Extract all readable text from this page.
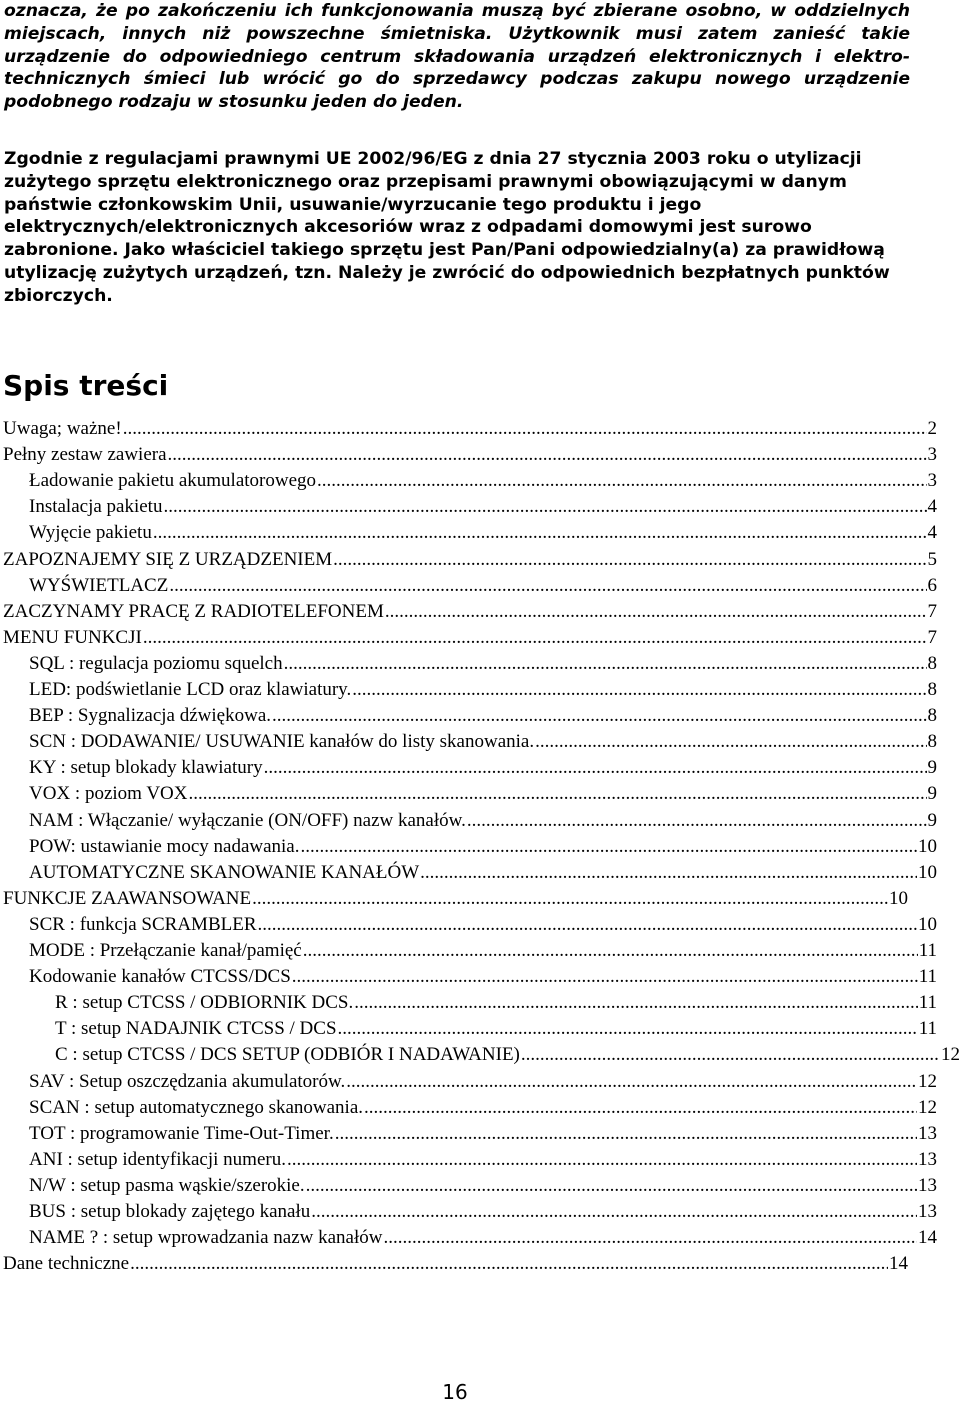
oznacza, że po zakończeniu ich funkcjonowania muszą być zbierane osobno, w oddzielnych miejscach, innych niż powszechne śmietniska. Użytkownik musi zatem zanieść takie urządzenie do odpowiedniego centrum składowania urządzeń elektronicznych i elektro-technicznych śmieci lub wrócić go do sprzedawcy podczas zakupu nowego urządzenie podobnego rodzaju w stosunku jeden do jeden.
Zgodnie z regulacjami prawnymi UE 2002/96/EG z dnia 27 stycznia 2003 roku o utylizacji zużytego sprzętu elektronicznego oraz przepisami prawnymi obowiązującymi w danym państwie członkowskim Unii, usuwanie/wyrzucanie tego produktu i jego elektrycznych/elektronicznych akcesoriów wraz z odpadami domowymi jest surowo zabronione. Jako właściciel takiego sprzętu jest Pan/Pani odpowiedzialny(a) za prawidłową utylizację zużytych urządzeń, tzn. Należy je zwrócić do odpowiednich bezpłatnych punktów zbiorczych.
Spis treści
Uwaga; ważne! .....	2
Pełny zestaw zawiera .....	3
Ładowanie pakietu akumulatorowego .....	3
Instalacja pakietu .....	4
Wyjęcie pakietu .....	4
ZAPOZNAJEMY SIĘ Z URZĄDZENIEM .....	5
WYŚWIETLACZ .....	6
ZACZYNAMY PRACĘ Z RADIOTELEFONEM .....	7
MENU FUNKCJI .....	7
SQL : regulacja poziomu squelch .....	8
LED: podświetlanie LCD oraz klawiatury. .....	8
BEP : Sygnalizacja dźwiękowa. .....	8
SCN : DODAWANIE/ USUWANIE kanałów do listy skanowania. .....	8
KY : setup blokady klawiatury .....	9
VOX : poziom VOX .....	9
NAM : Włączanie/ wyłączanie (ON/OFF) nazw kanałów. .....	9
POW: ustawianie mocy nadawania. .....	10
AUTOMATYCZNE SKANOWANIE KANAŁÓW .....	10
FUNKCJE ZAAWANSOWANE .....	10
SCR : funkcja SCRAMBLER .....	10
MODE : Przełączanie kanał/pamięć .....	11
Kodowanie kanałów CTCSS/DCS .....	11
R : setup CTCSS / ODBIORNIK DCS. .....	11
T : setup NADAJNIK CTCSS / DCS .....	11
C : setup CTCSS / DCS SETUP (ODBIÓR I NADAWANIE) .....	12
SAV : Setup oszczędzania akumulatorów. .....	12
SCAN : setup automatycznego skanowania. .....	12
TOT : programowanie Time-Out-Timer. .....	13
ANI : setup identyfikacji numeru. .....	13
N/W : setup pasma wąskie/szerokie. .....	13
BUS : setup blokady zajętego kanału .....	13
NAME ? : setup wprowadzania nazw kanałów .....	14
Dane techniczne .....	14
16
